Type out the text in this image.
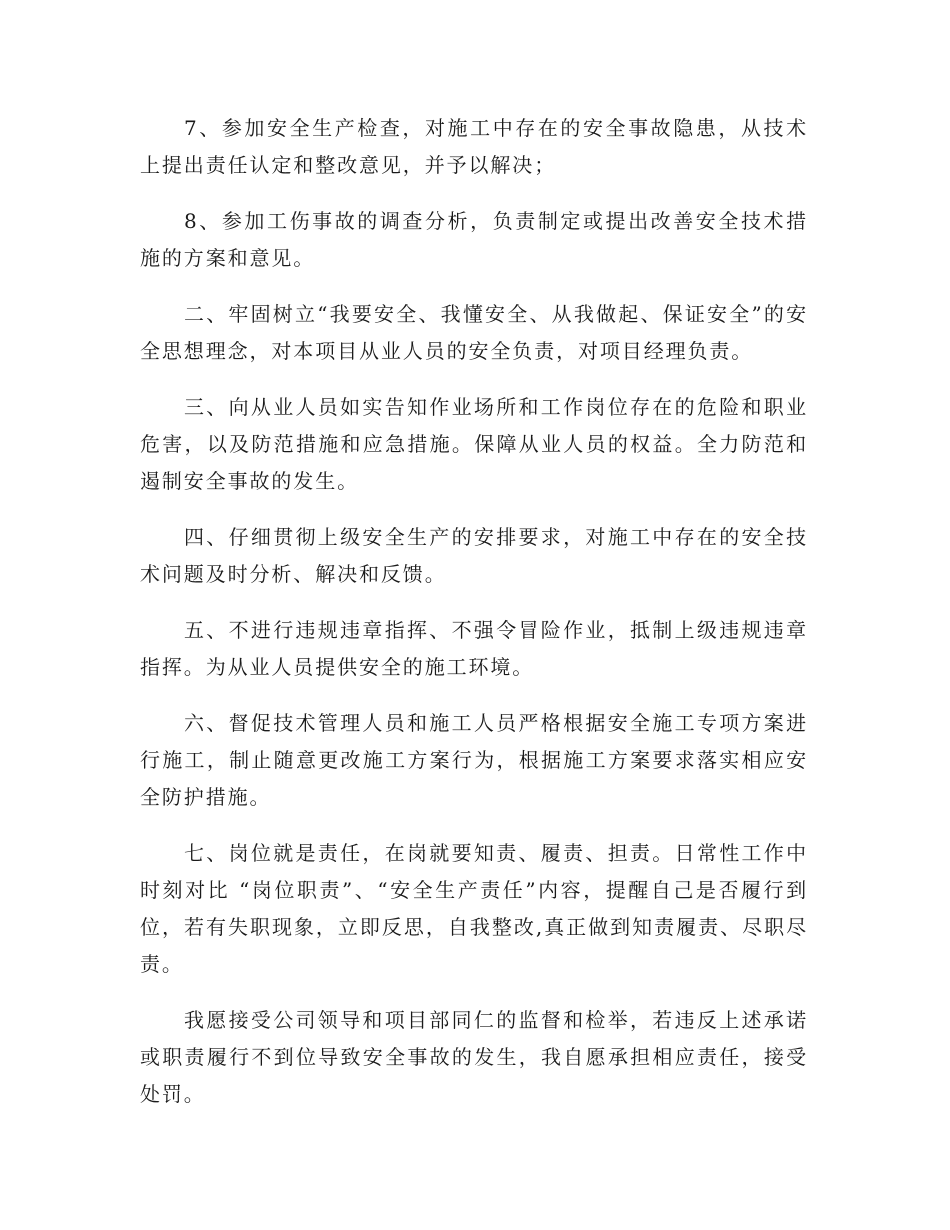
7、参加安全生产检查，对施工中存在的安全事故隐患，从技术上提出责任认定和整改意见，并予以解决；

8、参加工伤事故的调查分析，负责制定或提出改善安全技术措施的方案和意见。

二、牢固树立“我要安全、我懂安全、从我做起、保证安全”的安全思想理念，对本项目从业人员的安全负责，对项目经理负责。

三、向从业人员如实告知作业场所和工作岗位存在的危险和职业危害，以及防范措施和应急措施。保障从业人员的权益。全力防范和遏制安全事故的发生。

四、仔细贯彻上级安全生产的安排要求，对施工中存在的安全技术问题及时分析、解决和反馈。

五、不进行违规违章指挥、不强令冒险作业，抵制上级违规违章指挥。为从业人员提供安全的施工环境。

六、督促技术管理人员和施工人员严格根据安全施工专项方案进行施工，制止随意更改施工方案行为，根据施工方案要求落实相应安全防护措施。

七、岗位就是责任，在岗就要知责、履责、担责。日常性工作中时刻对比 “岗位职责”、“安全生产责任”内容，提醒自己是否履行到位，若有失职现象，立即反思，自我整改,真正做到知责履责、尽职尽责。

我愿接受公司领导和项目部同仁的监督和检举，若违反上述承诺或职责履行不到位导致安全事故的发生，我自愿承担相应责任，接受处罚。
